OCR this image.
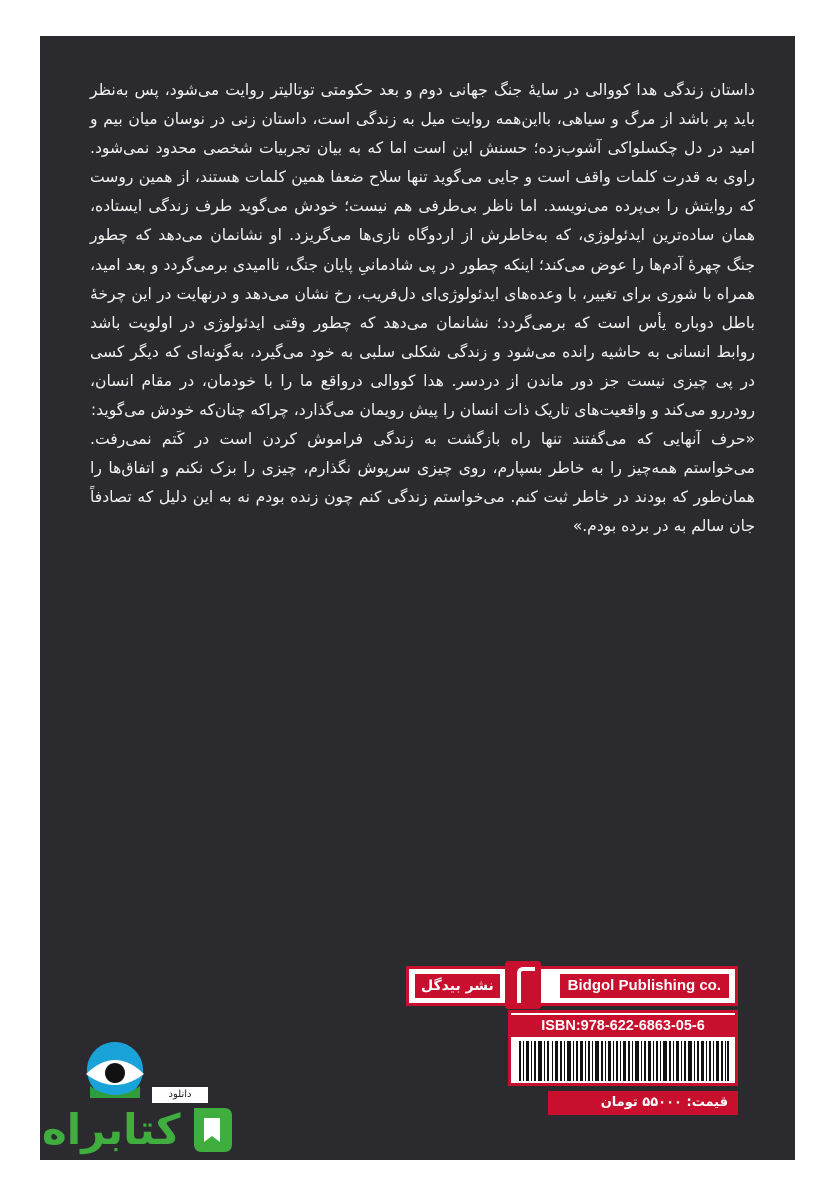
داستان زندگی هدا کووالی در سایهٔ جنگ جهانی دوم و بعد حکومتی توتالیتر روایت می‌شود، پس به‌نظر باید پر باشد از مرگ و سیاهی، بااین‌همه روایت میل به زندگی است، داستان زنی در نوسان میان بیم و امید در دل چکسلواکی آشوب‌زده؛ حسنش این است اما که به بیان تجربیات شخصی محدود نمی‌شود. راوی به قدرت کلمات واقف است و جایی می‌گوید تنها سلاح ضعفا همین کلمات هستند، از همین روست که روایتش را بی‌پرده می‌نویسد. اما ناظر بی‌طرفی هم نیست؛ خودش می‌گوید طرف زندگی ایستاده، همان ساده‌ترین ایدئولوژی، که به‌خاطرش از اردوگاه نازی‌ها می‌گریزد. او نشانمان می‌دهد که چطور جنگ چهرهٔ آدم‌ها را عوض می‌کند؛ اینکه چطور در پی شادمانیِ پایان جنگ، ناامیدی برمی‌گردد و بعد امید، همراه با شوری برای تغییر، با وعده‌های ایدئولوژی‌ای دل‌فریب، رخ نشان می‌دهد و درنهایت در این چرخهٔ باطل دوباره یأس است که برمی‌گردد؛ نشانمان می‌دهد که چطور وقتی ایدئولوژی در اولویت باشد روابط انسانی به حاشیه رانده می‌شود و زندگی شکلی سلبی به خود می‌گیرد، به‌گونه‌ای که دیگر کسی در پی چیزی نیست جز دور ماندن از دردسر. هدا کووالی درواقع ما را با خودمان، در مقام انسان، رودررو می‌کند و واقعیت‌های تاریک ذات انسان را پیش رویمان می‌گذارد، چراکه چنان‌که خودش می‌گوید:

«حرف آنهایی که می‌گفتند تنها راه بازگشت به زندگی فراموش کردن است در کَتم نمی‌رفت. می‌خواستم همه‌چیز را به خاطر بسپارم، روی چیزی سرپوش نگذارم، چیزی را بزک نکنم و اتفاق‌ها را همان‌طور که بودند در خاطر ثبت کنم. می‌خواستم زندگی کنم چون زنده بودم نه به این دلیل که تصادفاً جان سالم به در برده بودم.»

Bidgol Publishing co.
نشر بیدگل
ISBN:978-622-6863-05-6
قیمت: ۵۵۰۰۰ تومان
دانلود
کتابراه
